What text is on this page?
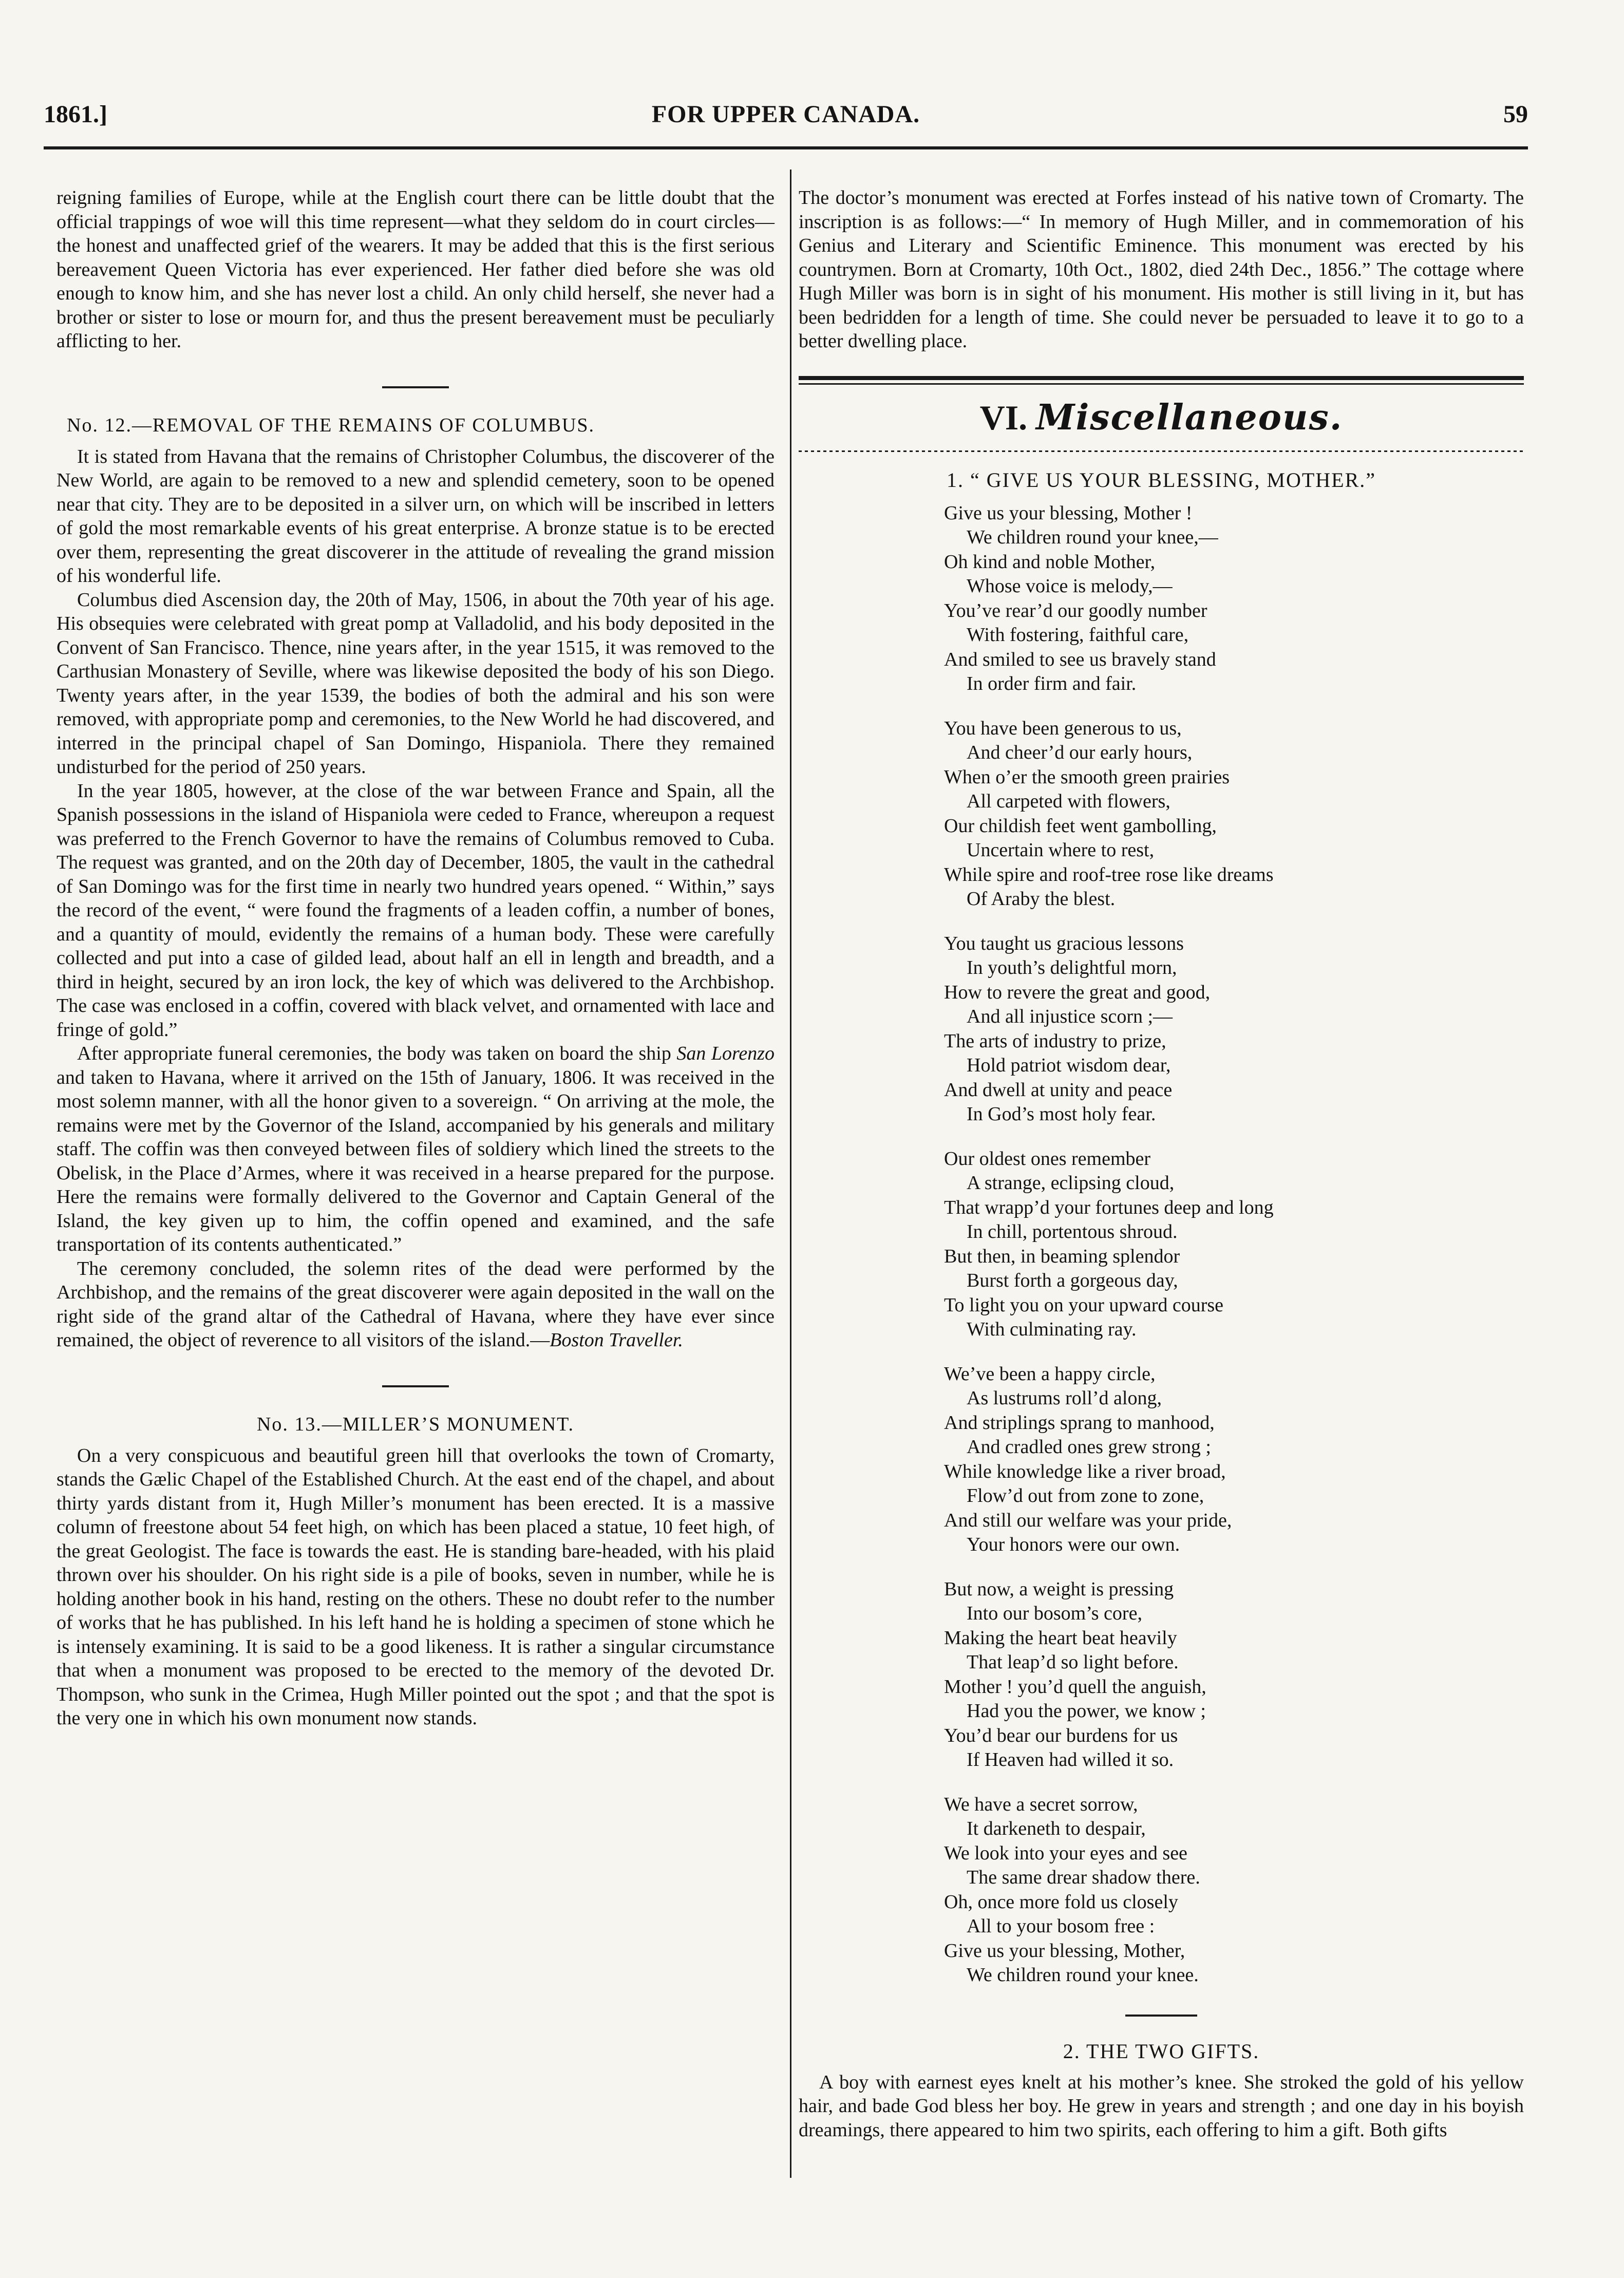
1861.]	FOR UPPER CANADA.	59

reigning families of Europe, while at the English court there can be little doubt that the official trappings of woe will this time represent—what they seldom do in court circles—the honest and unaffected grief of the wearers. It may be added that this is the first serious bereavement Queen Victoria has ever experienced. Her father died before she was old enough to know him, and she has never lost a child. An only child herself, she never had a brother or sister to lose or mourn for, and thus the present bereavement must be peculiarly afflicting to her.

No. 12.—REMOVAL OF THE REMAINS OF COLUMBUS.

It is stated from Havana that the remains of Christopher Columbus, the discoverer of the New World, are again to be removed to a new and splendid cemetery, soon to be opened near that city. They are to be deposited in a silver urn, on which will be inscribed in letters of gold the most remarkable events of his great enterprise. A bronze statue is to be erected over them, representing the great discoverer in the attitude of revealing the grand mission of his wonderful life.

Columbus died Ascension day, the 20th of May, 1506, in about the 70th year of his age. His obsequies were celebrated with great pomp at Valladolid, and his body deposited in the Convent of San Francisco. Thence, nine years after, in the year 1515, it was removed to the Carthusian Monastery of Seville, where was likewise deposited the body of his son Diego. Twenty years after, in the year 1539, the bodies of both the admiral and his son were removed, with appropriate pomp and ceremonies, to the New World he had discovered, and interred in the principal chapel of San Domingo, Hispaniola. There they remained undisturbed for the period of 250 years.

In the year 1805, however, at the close of the war between France and Spain, all the Spanish possessions in the island of Hispaniola were ceded to France, whereupon a request was preferred to the French Governor to have the remains of Columbus removed to Cuba. The request was granted, and on the 20th day of December, 1805, the vault in the cathedral of San Domingo was for the first time in nearly two hundred years opened. “ Within,” says the record of the event, “ were found the fragments of a leaden coffin, a number of bones, and a quantity of mould, evidently the remains of a human body. These were carefully collected and put into a case of gilded lead, about half an ell in length and breadth, and a third in height, secured by an iron lock, the key of which was delivered to the Archbishop. The case was enclosed in a coffin, covered with black velvet, and ornamented with lace and fringe of gold.”

After appropriate funeral ceremonies, the body was taken on board the ship San Lorenzo and taken to Havana, where it arrived on the 15th of January, 1806. It was received in the most solemn manner, with all the honor given to a sovereign. “ On arriving at the mole, the remains were met by the Governor of the Island, accompanied by his generals and military staff. The coffin was then conveyed between files of soldiery which lined the streets to the Obelisk, in the Place d’Armes, where it was received in a hearse prepared for the purpose. Here the remains were formally delivered to the Governor and Captain General of the Island, the key given up to him, the coffin opened and examined, and the safe transportation of its contents authenticated.”

The ceremony concluded, the solemn rites of the dead were performed by the Archbishop, and the remains of the great discoverer were again deposited in the wall on the right side of the grand altar of the Cathedral of Havana, where they have ever since remained, the object of reverence to all visitors of the island.—Boston Traveller.

No. 13.—MILLER’S MONUMENT.

On a very conspicuous and beautiful green hill that overlooks the town of Cromarty, stands the Gælic Chapel of the Established Church. At the east end of the chapel, and about thirty yards distant from it, Hugh Miller’s monument has been erected. It is a massive column of freestone about 54 feet high, on which has been placed a statue, 10 feet high, of the great Geologist. The face is towards the east. He is standing bare-headed, with his plaid thrown over his shoulder. On his right side is a pile of books, seven in number, while he is holding another book in his hand, resting on the others. These no doubt refer to the number of works that he has published. In his left hand he is holding a specimen of stone which he is intensely examining. It is said to be a good likeness. It is rather a singular circumstance that when a monument was proposed to be erected to the memory of the devoted Dr. Thompson, who sunk in the Crimea, Hugh Miller pointed out the spot ; and that the spot is the very one in which his own monument now stands.

The doctor’s monument was erected at Forfes instead of his native town of Cromarty. The inscription is as follows:—“ In memory of Hugh Miller, and in commemoration of his Genius and Literary and Scientific Eminence. This monument was erected by his countrymen. Born at Cromarty, 10th Oct., 1802, died 24th Dec., 1856.” The cottage where Hugh Miller was born is in sight of his monument. His mother is still living in it, but has been bedridden for a length of time. She could never be persuaded to leave it to go to a better dwelling place.

VI. Miscellaneous.
1. “ GIVE US YOUR BLESSING, MOTHER.”
Give us your blessing, Mother !
We children round your knee,—
Oh kind and noble Mother,
Whose voice is melody,—
You’ve rear’d our goodly number
With fostering, faithful care,
And smiled to see us bravely stand
In order firm and fair.
You have been generous to us,
And cheer’d our early hours,
When o’er the smooth green prairies
All carpeted with flowers,
Our childish feet went gambolling,
Uncertain where to rest,
While spire and roof-tree rose like dreams
Of Araby the blest.
You taught us gracious lessons
In youth’s delightful morn,
How to revere the great and good,
And all injustice scorn ;—
The arts of industry to prize,
Hold patriot wisdom dear,
And dwell at unity and peace
In God’s most holy fear.
Our oldest ones remember
A strange, eclipsing cloud,
That wrapp’d your fortunes deep and long
In chill, portentous shroud.
But then, in beaming splendor
Burst forth a gorgeous day,
To light you on your upward course
With culminating ray.
We’ve been a happy circle,
As lustrums roll’d along,
And striplings sprang to manhood,
And cradled ones grew strong ;
While knowledge like a river broad,
Flow’d out from zone to zone,
And still our welfare was your pride,
Your honors were our own.
But now, a weight is pressing
Into our bosom’s core,
Making the heart beat heavily
That leap’d so light before.
Mother ! you’d quell the anguish,
Had you the power, we know ;
You’d bear our burdens for us
If Heaven had willed it so.
We have a secret sorrow,
It darkeneth to despair,
We look into your eyes and see
The same drear shadow there.
Oh, once more fold us closely
All to your bosom free :
Give us your blessing, Mother,
We children round your knee.
2. THE TWO GIFTS.

A boy with earnest eyes knelt at his mother’s knee. She stroked the gold of his yellow hair, and bade God bless her boy. He grew in years and strength ; and one day in his boyish dreamings, there appeared to him two spirits, each offering to him a gift. Both gifts
